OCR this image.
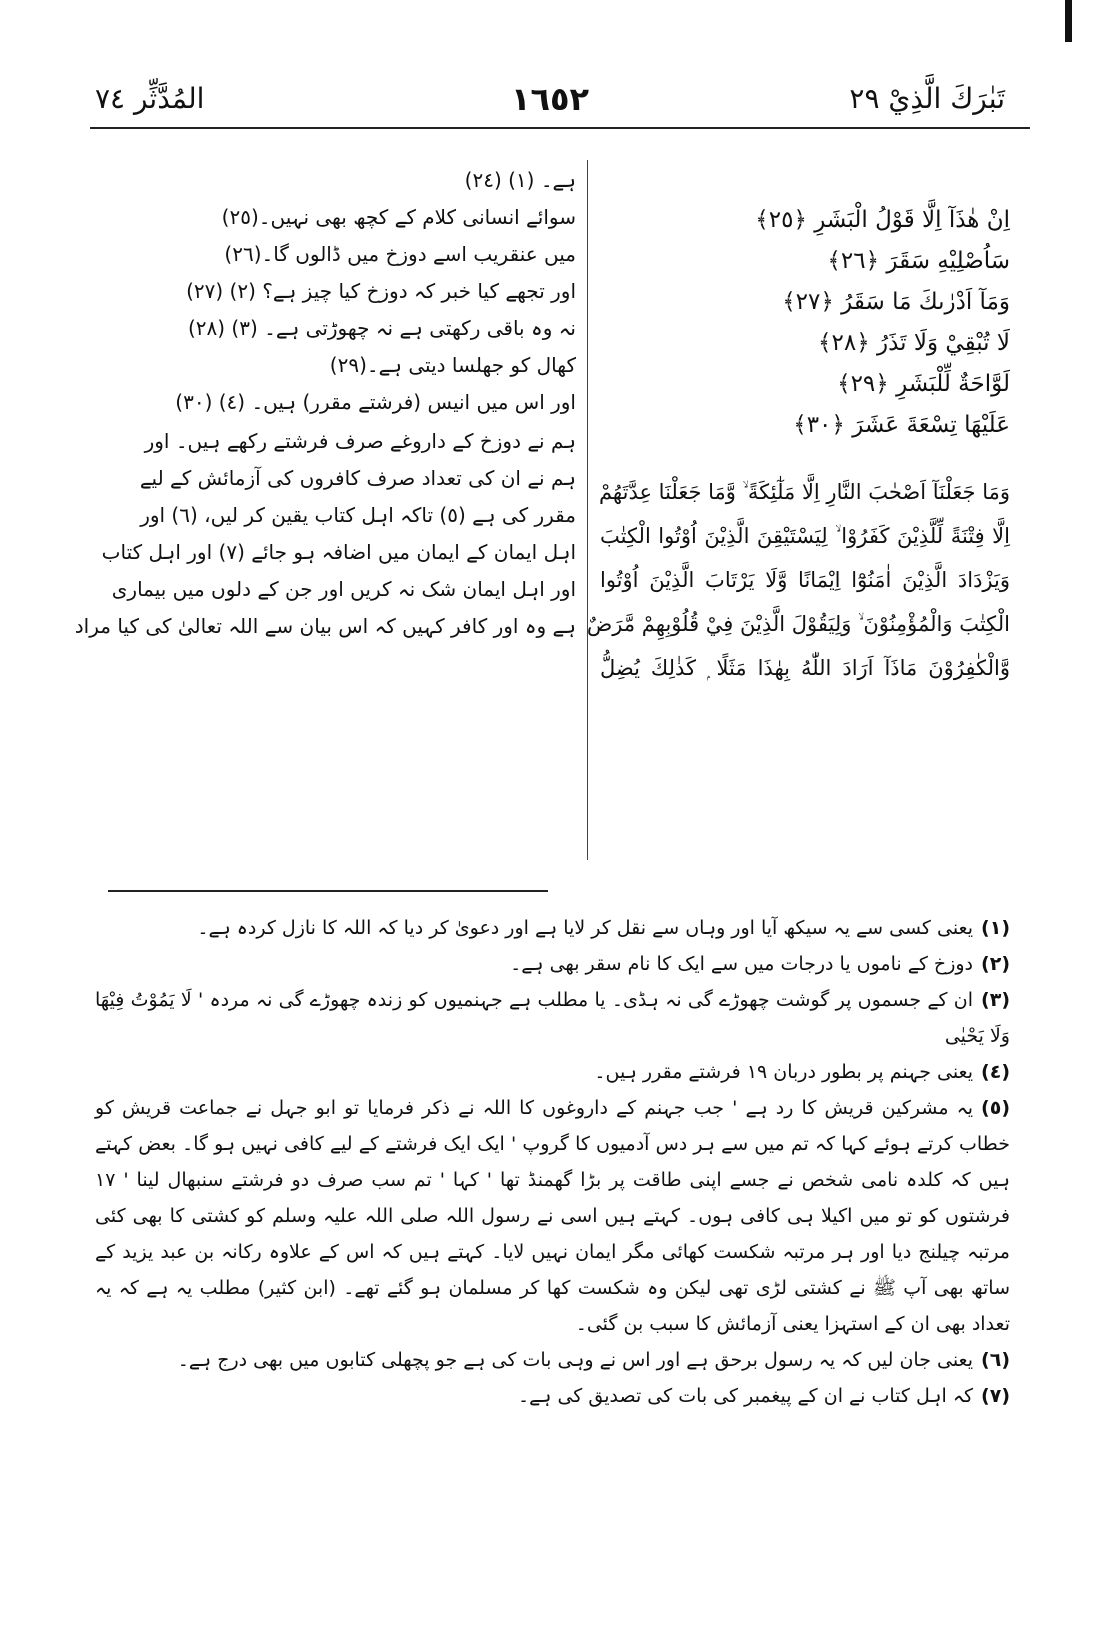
تَبٰرَكَ الَّذِيْ ٢٩
١٦٥٢
المُدَّثِّر ٧٤
اِنْ هٰذَآ اِلَّا قَوْلُ الْبَشَرِ ﴿٢٥﴾
سَاُصْلِيْهِ سَقَرَ ﴿٢٦﴾
وَمَآ اَدْرٰىكَ مَا سَقَرُ ﴿٢٧﴾
لَا تُبْقِيْ وَلَا تَذَرُ ﴿٢٨﴾
لَوَّاحَةٌ لِّلْبَشَرِ ﴿٢٩﴾
عَلَيْهَا تِسْعَةَ عَشَرَ ﴿٣٠﴾
وَمَا جَعَلْنَآ اَصْحٰبَ النَّارِ اِلَّا مَلٰٓئِكَةً ۙ وَّمَا جَعَلْنَا عِدَّتَهُمْ
اِلَّا فِتْنَةً لِّلَّذِيْنَ كَفَرُوْا ۙ لِيَسْتَيْقِنَ الَّذِيْنَ اُوْتُوا الْكِتٰبَ
وَيَزْدَادَ الَّذِيْنَ اٰمَنُوْٓا اِيْمَانًا وَّلَا يَرْتَابَ الَّذِيْنَ اُوْتُوا
الْكِتٰبَ وَالْمُؤْمِنُوْنَ ۙ وَلِيَقُوْلَ الَّذِيْنَ فِيْ قُلُوْبِهِمْ مَّرَضٌ
وَّالْكٰفِرُوْنَ مَاذَآ اَرَادَ اللّٰهُ بِهٰذَا مَثَلًا ۭ كَذٰلِكَ يُضِلُّ
ہے۔ (١) (٢٤)
سوائے انسانی کلام کے کچھ بھی نہیں۔(٢٥)
میں عنقریب اسے دوزخ میں ڈالوں گا۔(٢٦)
اور تجھے کیا خبر کہ دوزخ کیا چیز ہے؟ (٢) (٢٧)
نہ وہ باقی رکھتی ہے نہ چھوڑتی ہے۔ (٣) (٢٨)
کھال کو جھلسا دیتی ہے۔(٢٩)
اور اس میں انیس (فرشتے مقرر) ہیں۔ (٤) (٣٠)
ہم نے دوزخ کے داروغے صرف فرشتے رکھے ہیں۔ اور
ہم نے ان کی تعداد صرف کافروں کی آزمائش کے لیے
مقرر کی ہے (٥) تاکہ اہل کتاب یقین کر لیں، (٦) اور
اہل ایمان کے ایمان میں اضافہ ہو جائے (٧) اور اہل کتاب
اور اہل ایمان شک نہ کریں اور جن کے دلوں میں بیماری
ہے وہ اور کافر کہیں کہ اس بیان سے اللہ تعالیٰ کی کیا مراد

(١)یعنی کسی سے یہ سیکھ آیا اور وہاں سے نقل کر لایا ہے اور دعویٰ کر دیا کہ اللہ کا نازل کردہ ہے۔

(٢)دوزخ کے ناموں یا درجات میں سے ایک کا نام سقر بھی ہے۔

(٣)ان کے جسموں پر گوشت چھوڑے گی نہ ہڈی۔ یا مطلب ہے جہنمیوں کو زندہ چھوڑے گی نہ مردہ ' لَا يَمُوْتُ فِيْهَا وَلَا يَحْيٰى

(٤)یعنی جہنم پر بطور دربان ١٩ فرشتے مقرر ہیں۔

(٥)یہ مشرکین قریش کا رد ہے ' جب جہنم کے داروغوں کا اللہ نے ذکر فرمایا تو ابو جہل نے جماعت قریش کو خطاب کرتے ہوئے کہا کہ تم میں سے ہر دس آدمیوں کا گروپ ' ایک ایک فرشتے کے لیے کافی نہیں ہو گا۔ بعض کہتے ہیں کہ کلدہ نامی شخص نے جسے اپنی طاقت پر بڑا گھمنڈ تھا ' کہا ' تم سب صرف دو فرشتے سنبھال لینا ' ١٧ فرشتوں کو تو میں اکیلا ہی کافی ہوں۔ کہتے ہیں اسی نے رسول اللہ صلی اللہ علیہ وسلم کو کشتی کا بھی کئی مرتبہ چیلنج دیا اور ہر مرتبہ شکست کھائی مگر ایمان نہیں لایا۔ کہتے ہیں کہ اس کے علاوہ رکانہ بن عبد یزید کے ساتھ بھی آپ ﷺ نے کشتی لڑی تھی لیکن وہ شکست کھا کر مسلمان ہو گئے تھے۔ (ابن کثیر) مطلب یہ ہے کہ یہ تعداد بھی ان کے استہزا یعنی آزمائش کا سبب بن گئی۔

(٦)یعنی جان لیں کہ یہ رسول برحق ہے اور اس نے وہی بات کی ہے جو پچھلی کتابوں میں بھی درج ہے۔

(٧)کہ اہل کتاب نے ان کے پیغمبر کی بات کی تصدیق کی ہے۔
